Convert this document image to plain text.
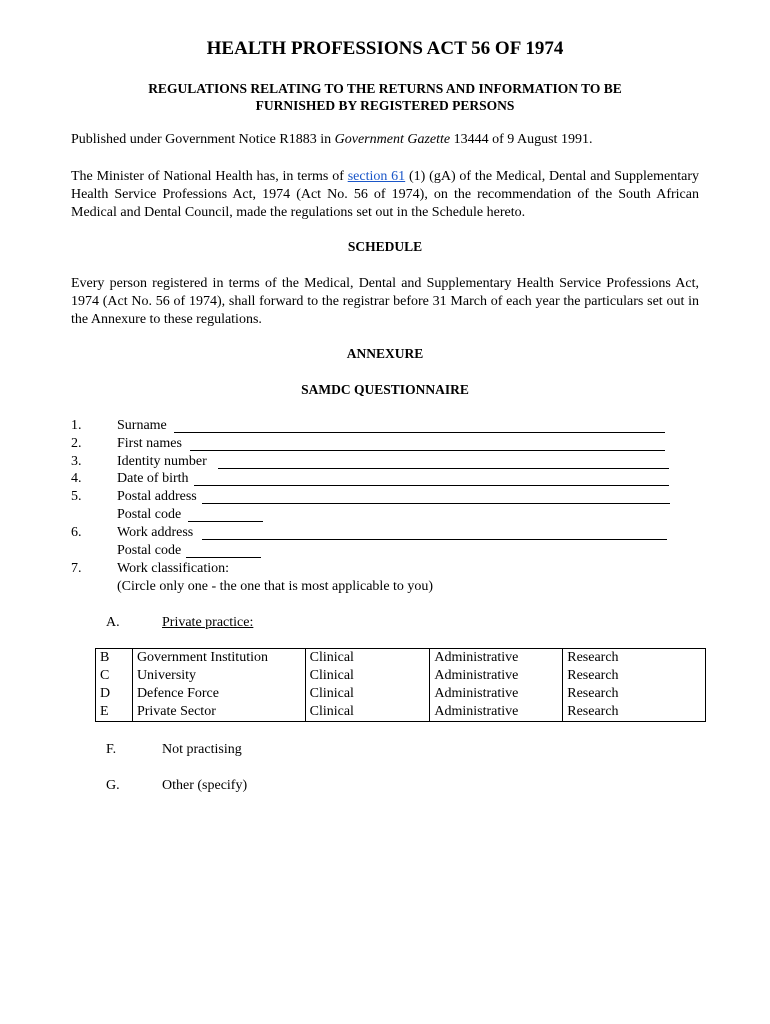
HEALTH PROFESSIONS ACT 56 OF 1974
REGULATIONS RELATING TO THE RETURNS AND INFORMATION TO BE
FURNISHED BY REGISTERED PERSONS
Published under Government Notice R1883 in Government Gazette 13444 of 9 August 1991.
The Minister of National Health has, in terms of section 61 (1) (gA) of the Medical, Dental and Supplementary Health Service Professions Act, 1974 (Act No. 56 of 1974), on the recommendation of the South African Medical and Dental Council, made the regulations set out in the Schedule hereto.
SCHEDULE
Every person registered in terms of the Medical, Dental and Supplementary Health Service Professions Act, 1974 (Act No. 56 of 1974), shall forward to the registrar before 31 March of each year the particulars set out in the Annexure to these regulations.
ANNEXURE
SAMDC QUESTIONNAIRE
1.	Surname
2.	First names
3.	Identity number
4.	Date of birth
5.	Postal address
Postal code
6.	Work address
Postal code
7.	Work classification:
(Circle only one - the one that is most applicable to you)
A.	Private practice:
B	Government Institution	Clinical	Administrative	Research
C	University	Clinical	Administrative	Research
D	Defence Force	Clinical	Administrative	Research
E	Private Sector	Clinical	Administrative	Research
F.	Not practising
G.	Other (specify)
